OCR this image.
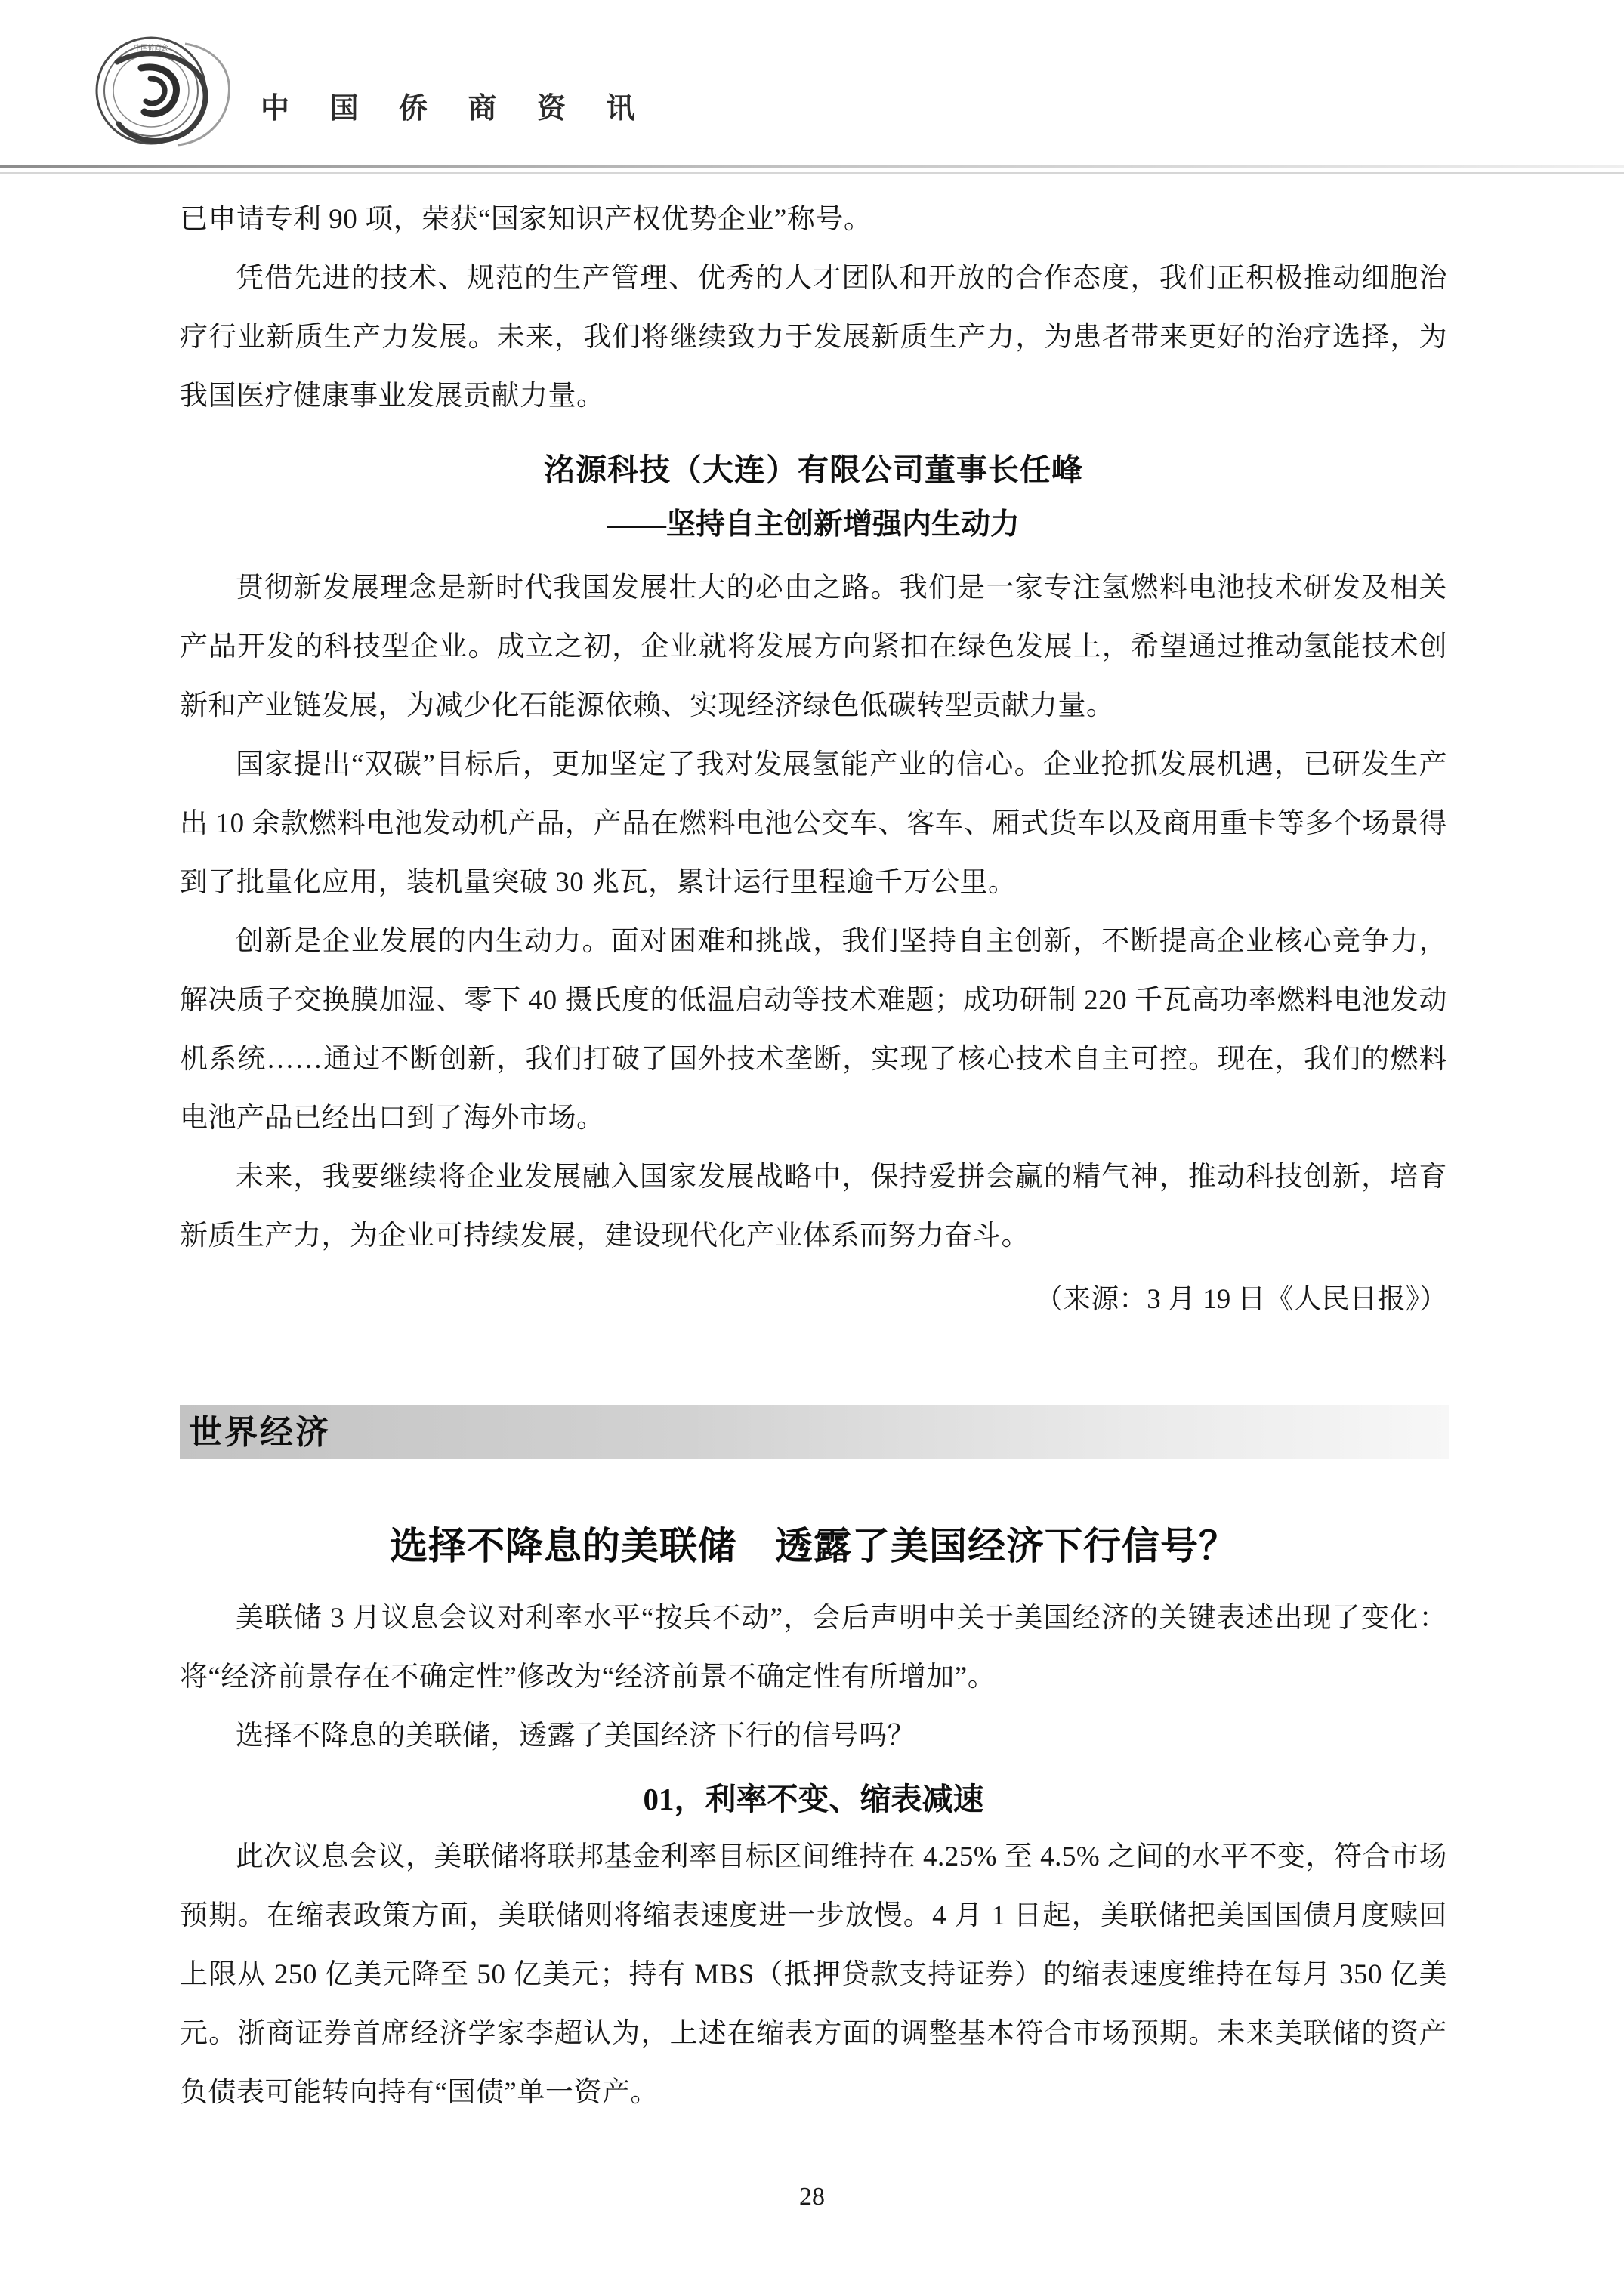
中国侨商会
中 国 侨 商 资 讯

已申请专利 90 项，荣获“国家知识产权优势企业”称号。

凭借先进的技术、规范的生产管理、优秀的人才团队和开放的合作态度，我们正积极推动细胞治疗行业新质生产力发展。未来，我们将继续致力于发展新质生产力，为患者带来更好的治疗选择，为我国医疗健康事业发展贡献力量。

洺源科技（大连）有限公司董事长任峰
——坚持自主创新增强内生动力

贯彻新发展理念是新时代我国发展壮大的必由之路。我们是一家专注氢燃料电池技术研发及相关产品开发的科技型企业。成立之初，企业就将发展方向紧扣在绿色发展上，希望通过推动氢能技术创新和产业链发展，为减少化石能源依赖、实现经济绿色低碳转型贡献力量。

国家提出“双碳”目标后，更加坚定了我对发展氢能产业的信心。企业抢抓发展机遇，已研发生产出 10 余款燃料电池发动机产品，产品在燃料电池公交车、客车、厢式货车以及商用重卡等多个场景得到了批量化应用，装机量突破 30 兆瓦，累计运行里程逾千万公里。

创新是企业发展的内生动力。面对困难和挑战，我们坚持自主创新，不断提高企业核心竞争力，解决质子交换膜加湿、零下 40 摄氏度的低温启动等技术难题；成功研制 220 千瓦高功率燃料电池发动机系统……通过不断创新，我们打破了国外技术垄断，实现了核心技术自主可控。现在，我们的燃料电池产品已经出口到了海外市场。

未来，我要继续将企业发展融入国家发展战略中，保持爱拼会赢的精气神，推动科技创新，培育新质生产力，为企业可持续发展，建设现代化产业体系而努力奋斗。

（来源：3 月 19 日《人民日报》）

世界经济
选择不降息的美联储　透露了美国经济下行信号？

美联储 3 月议息会议对利率水平“按兵不动”，会后声明中关于美国经济的关键表述出现了变化：将“经济前景存在不确定性”修改为“经济前景不确定性有所增加”。

选择不降息的美联储，透露了美国经济下行的信号吗？

01，利率不变、缩表减速

此次议息会议，美联储将联邦基金利率目标区间维持在 4.25% 至 4.5% 之间的水平不变，符合市场预期。在缩表政策方面，美联储则将缩表速度进一步放慢。4 月 1 日起，美联储把美国国债月度赎回上限从 250 亿美元降至 50 亿美元；持有 MBS（抵押贷款支持证券）的缩表速度维持在每月 350 亿美元。浙商证券首席经济学家李超认为，上述在缩表方面的调整基本符合市场预期。未来美联储的资产负债表可能转向持有“国债”单一资产。

28
